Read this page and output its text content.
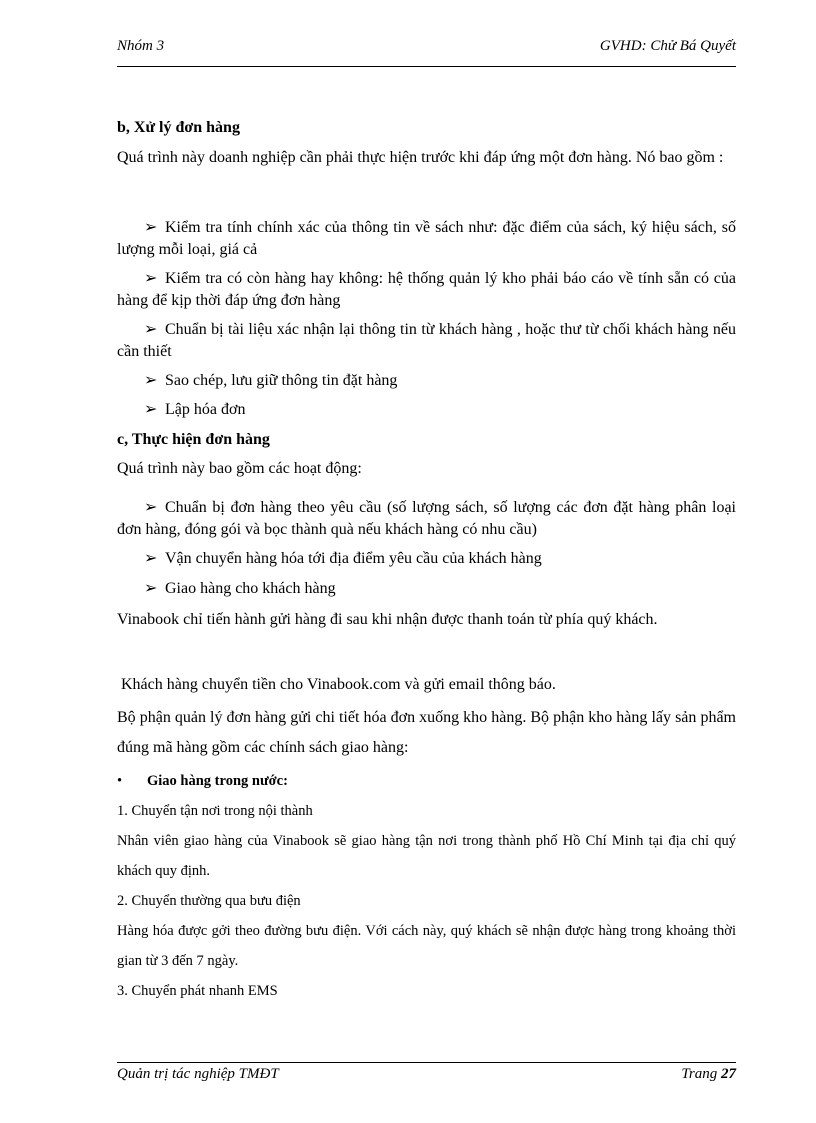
Nhóm 3	GVHD: Chử Bá Quyết
b, Xử lý đơn hàng
Quá trình này doanh nghiệp cần phải thực hiện trước khi đáp ứng một đơn hàng. Nó bao gồm :
➢ Kiểm tra tính chính xác của thông tin về sách như: đặc điểm của sách, ký hiệu sách, số lượng mỗi loại, giá cả
➢ Kiểm tra có còn hàng hay không: hệ thống quản lý kho phải báo cáo về tính sẵn có của hàng để kịp thời đáp ứng đơn hàng
➢ Chuẩn bị tài liệu xác nhận lại thông tin từ khách hàng , hoặc thư từ chối khách hàng nếu cần thiết
➢ Sao chép, lưu giữ thông tin đặt hàng
➢ Lập hóa đơn
c, Thực hiện đơn hàng
Quá trình này bao gồm các hoạt động:
➢ Chuẩn bị đơn hàng theo yêu cầu (số lượng sách, số lượng các đơn đặt hàng phân loại đơn hàng, đóng gói và bọc thành quà nếu khách hàng có nhu cầu)
➢ Vận chuyển hàng hóa tới địa điểm yêu cầu của khách hàng
➢ Giao hàng cho khách hàng
Vinabook chỉ tiến hành gửi hàng đi sau khi nhận được thanh toán từ phía quý khách.
Khách hàng chuyển tiền cho Vinabook.com và gửi email thông báo.
Bộ phận quản lý đơn hàng gửi chi tiết hóa đơn xuống kho hàng. Bộ phận kho hàng lấy sản phẩm đúng mã hàng gồm các chính sách giao hàng:
• Giao hàng trong nước:
1. Chuyển tận nơi trong nội thành
Nhân viên giao hàng của Vinabook sẽ giao hàng tận nơi trong thành phố Hồ Chí Minh tại địa chỉ quý khách quy định.
2. Chuyển thường qua bưu điện
Hàng hóa được gởi theo đường bưu điện. Với cách này, quý khách sẽ nhận được hàng trong khoảng thời gian từ 3 đến 7 ngày.
3. Chuyển phát nhanh EMS
Quản trị tác nghiệp TMĐT	Trang 27
